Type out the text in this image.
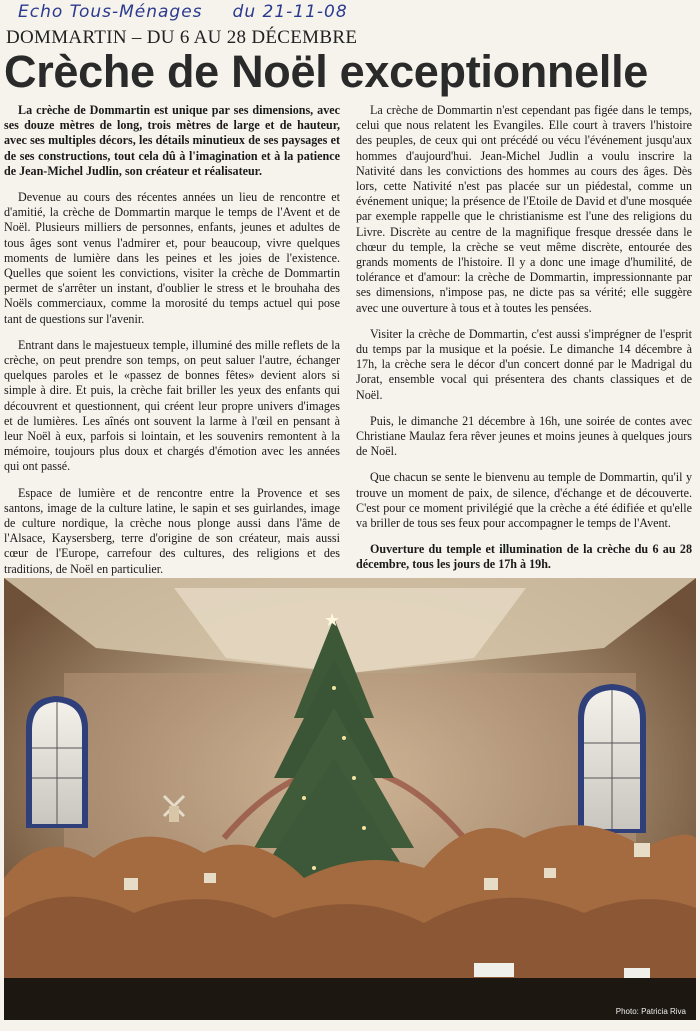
Echo Tous-Ménages du 21-11-08
DOMMARTIN – DU 6 AU 28 DÉCEMBRE
Crèche de Noël exceptionnelle

La crèche de Dommartin est unique par ses dimensions, avec ses douze mètres de long, trois mètres de large et de hauteur, avec ses multiples décors, les détails minutieux de ses paysages et de ses constructions, tout cela dû à l'imagination et à la patience de Jean-Michel Judlin, son créateur et réalisateur.

Devenue au cours des récentes années un lieu de rencontre et d'amitié, la crèche de Dommartin marque le temps de l'Avent et de Noël. Plusieurs milliers de personnes, enfants, jeunes et adultes de tous âges sont venus l'admirer et, pour beaucoup, vivre quelques moments de lumière dans les peines et les joies de l'existence. Quelles que soient les convictions, visiter la crèche de Dommartin permet de s'arrêter un instant, d'oublier le stress et le brouhaha des Noëls commerciaux, comme la morosité du temps actuel qui pose tant de questions sur l'avenir.

Entrant dans le majestueux temple, illuminé des mille reflets de la crèche, on peut prendre son temps, on peut saluer l'autre, échanger quelques paroles et le «passez de bonnes fêtes» devient alors si simple à dire. Et puis, la crèche fait briller les yeux des enfants qui découvrent et questionnent, qui créent leur propre univers d'images et de lumières. Les aînés ont souvent la larme à l'œil en pensant à leur Noël à eux, parfois si lointain, et les souvenirs remontent à la mémoire, toujours plus doux et chargés d'émotion avec les années qui ont passé.

Espace de lumière et de rencontre entre la Provence et ses santons, image de la culture latine, le sapin et ses guirlandes, image de culture nordique, la crèche nous plonge aussi dans l'âme de l'Alsace, Kaysersberg, terre d'origine de son créateur, mais aussi cœur de l'Europe, carrefour des cultures, des religions et des traditions, de Noël en particulier.

La crèche de Dommartin n'est cependant pas figée dans le temps, celui que nous relatent les Evangiles. Elle court à travers l'histoire des peuples, de ceux qui ont précédé ou vécu l'événement jusqu'aux hommes d'aujourd'hui. Jean-Michel Judlin a voulu inscrire la Nativité dans les convictions des hommes au cours des âges. Dès lors, cette Nativité n'est pas placée sur un piédestal, comme un événement unique; la présence de l'Etoile de David et d'une mosquée par exemple rappelle que le christianisme est l'une des religions du Livre. Discrète au centre de la magnifique fresque dressée dans le chœur du temple, la crèche se veut même discrète, entourée des grands moments de l'histoire. Il y a donc une image d'humilité, de tolérance et d'amour: la crèche de Dommartin, impressionnante par ses dimensions, n'impose pas, ne dicte pas sa vérité; elle suggère avec une ouverture à tous et à toutes les pensées.

Visiter la crèche de Dommartin, c'est aussi s'imprégner de l'esprit du temps par la musique et la poésie. Le dimanche 14 décembre à 17h, la crèche sera le décor d'un concert donné par le Madrigal du Jorat, ensemble vocal qui présentera des chants classiques et de Noël.

Puis, le dimanche 21 décembre à 16h, une soirée de contes avec Christiane Maulaz fera rêver jeunes et moins jeunes à quelques jours de Noël.

Que chacun se sente le bienvenu au temple de Dommartin, qu'il y trouve un moment de paix, de silence, d'échange et de découverte. C'est pour ce moment privilégié que la crèche a été édifiée et qu'elle va briller de tous ses feux pour accompagner le temps de l'Avent.

Ouverture du temple et illumination de la crèche du 6 au 28 décembre, tous les jours de 17h à 19h.

★
Photo: Patricia Riva
